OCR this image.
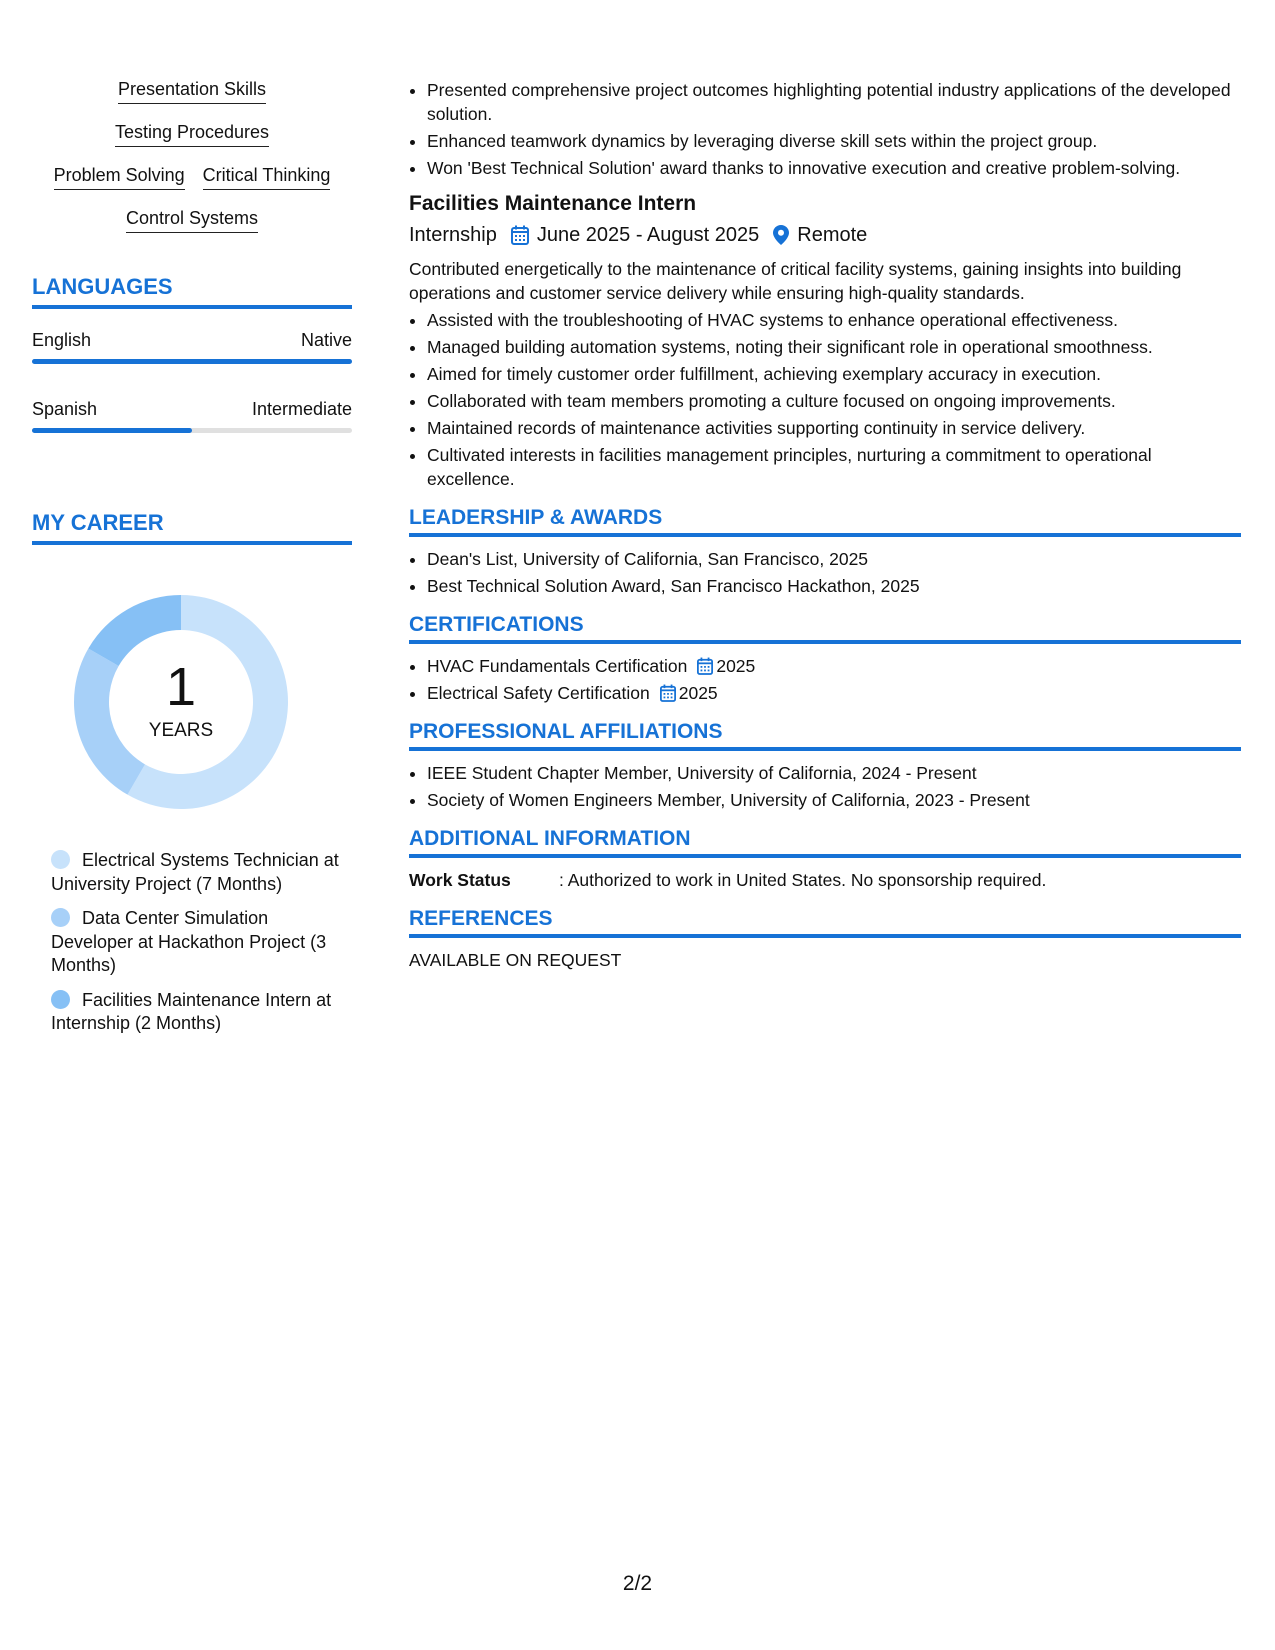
Presentation Skills
Testing Procedures
Problem Solving Critical Thinking
Control Systems
LANGUAGES
English	Native
Spanish	Intermediate
MY CAREER
1
YEARS
Electrical Systems Technician at University Project (7 Months)
Data Center Simulation Developer at Hackathon Project (3 Months)
Facilities Maintenance Intern at Internship (2 Months)
• Presented comprehensive project outcomes highlighting potential industry applications of the developed solution.
• Enhanced teamwork dynamics by leveraging diverse skill sets within the project group.
• Won 'Best Technical Solution' award thanks to innovative execution and creative problem-solving.
Facilities Maintenance Intern
Internship June 2025 - August 2025 Remote
Contributed energetically to the maintenance of critical facility systems, gaining insights into building operations and customer service delivery while ensuring high-quality standards.
• Assisted with the troubleshooting of HVAC systems to enhance operational effectiveness.
• Managed building automation systems, noting their significant role in operational smoothness.
• Aimed for timely customer order fulfillment, achieving exemplary accuracy in execution.
• Collaborated with team members promoting a culture focused on ongoing improvements.
• Maintained records of maintenance activities supporting continuity in service delivery.
• Cultivated interests in facilities management principles, nurturing a commitment to operational excellence.
LEADERSHIP & AWARDS
• Dean's List, University of California, San Francisco, 2025
• Best Technical Solution Award, San Francisco Hackathon, 2025
CERTIFICATIONS
• HVAC Fundamentals Certification 2025
• Electrical Safety Certification 2025
PROFESSIONAL AFFILIATIONS
• IEEE Student Chapter Member, University of California, 2024 - Present
• Society of Women Engineers Member, University of California, 2023 - Present
ADDITIONAL INFORMATION
Work Status	: Authorized to work in United States. No sponsorship required.
REFERENCES
AVAILABLE ON REQUEST
2/2
